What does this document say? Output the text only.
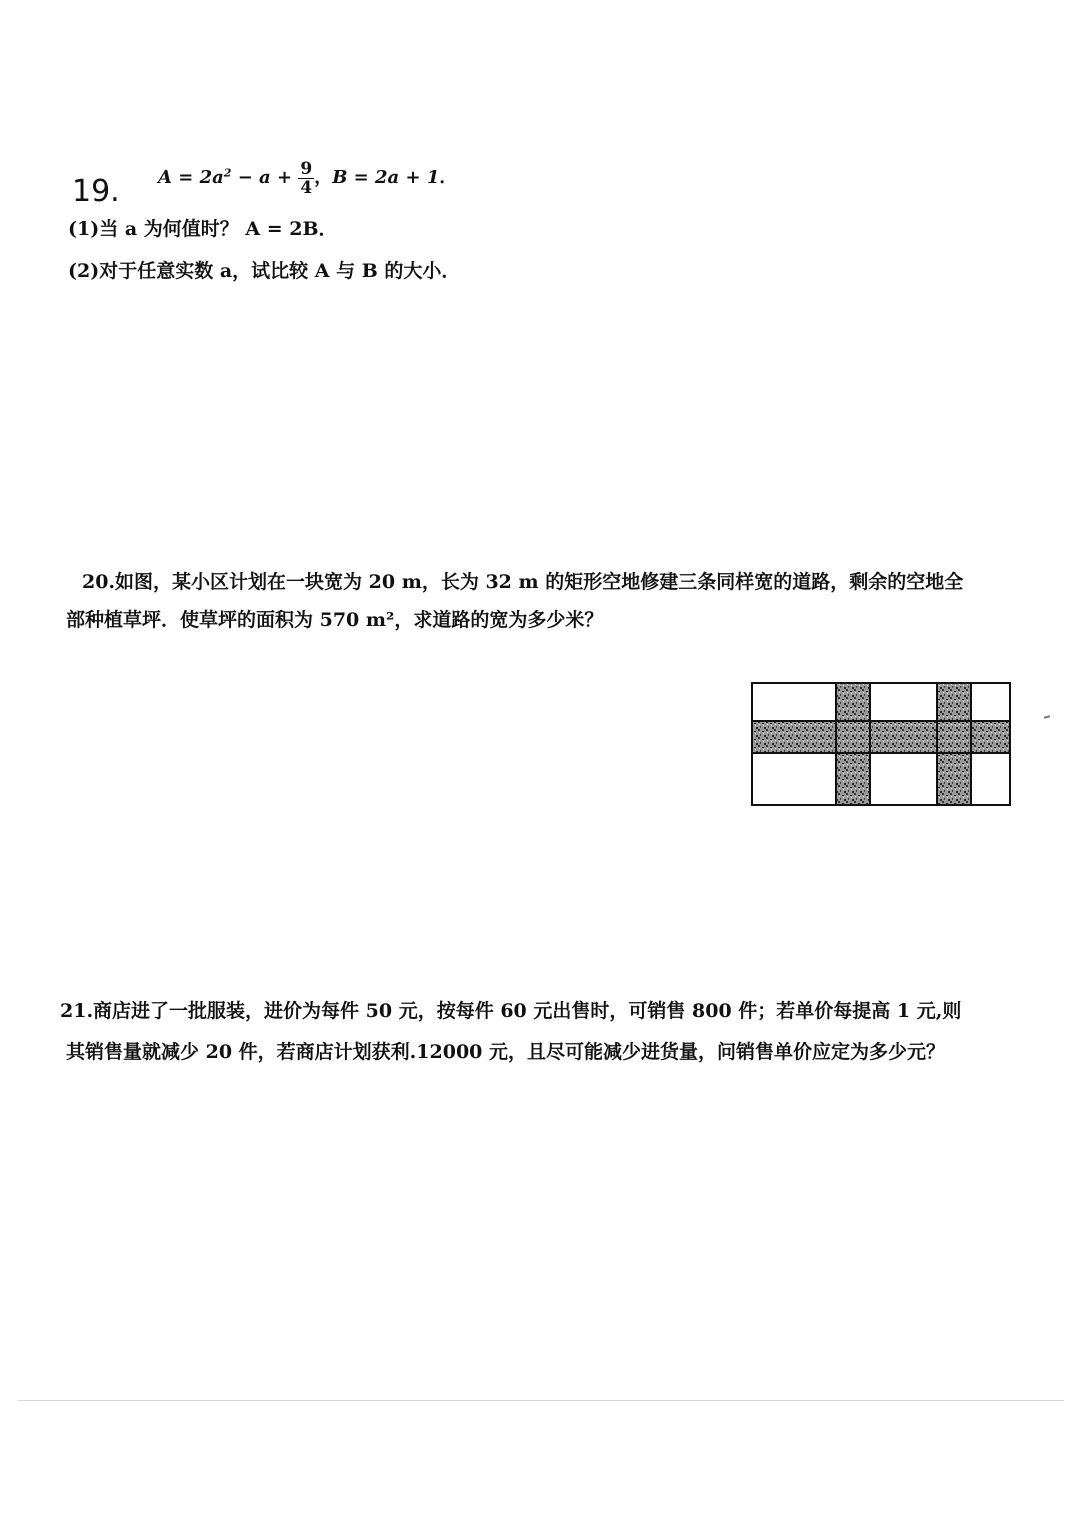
19. $A = 2a^2 - a + \frac{9}{4}$ ，B = 2a + 1．
(1)当 a 为何值时？ A = 2B．
(2)对于任意实数 a，试比较 A 与 B 的大小．
20.如图，某小区计划在一块宽为 20 m，长为 32 m 的矩形空地修建三条同样宽的道路，剩余的空地全
部种植草坪．使草坪的面积为 570 m²，求道路的宽为多少米？
21.商店进了一批服装，进价为每件 50 元，按每件 60 元出售时，可销售 800 件；若单价每提高 1 元,则
其销售量就减少 20 件，若商店计划获利.12000 元，且尽可能减少进货量，问销售单价应定为多少元？
